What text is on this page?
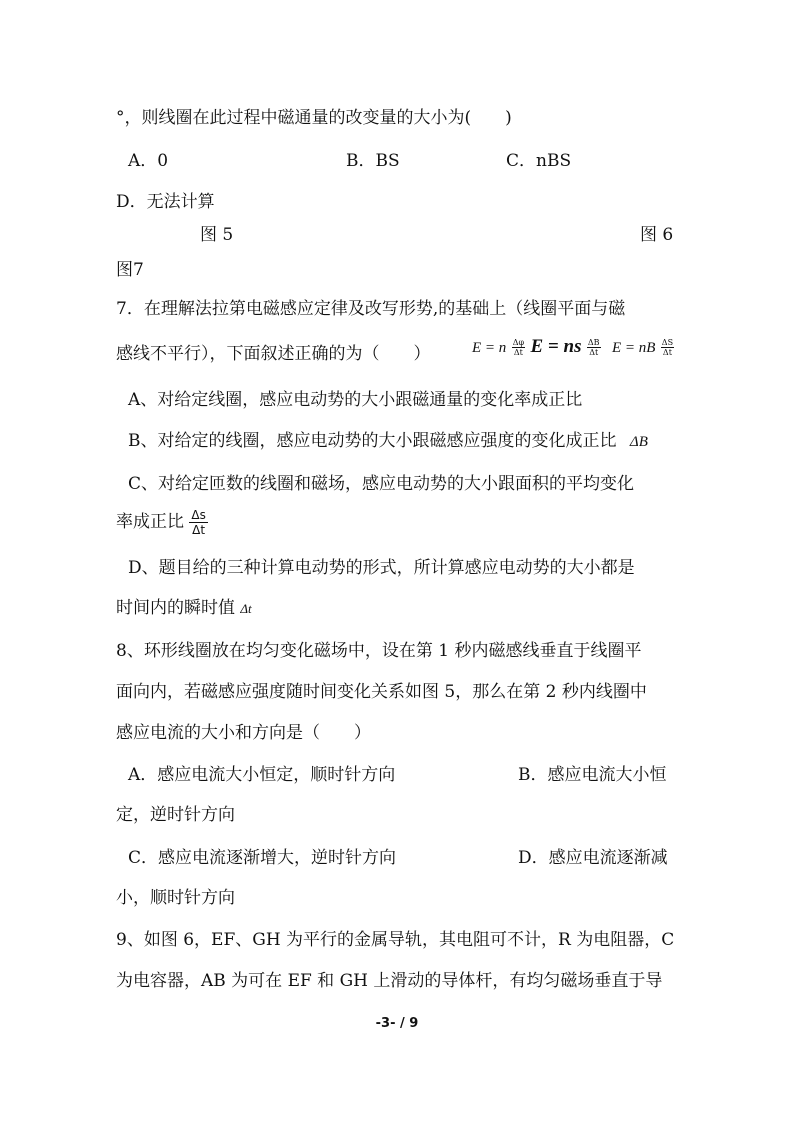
°，则线圈在此过程中磁通量的改变量的大小为(　　)
A．0	B．BS	C．nBS
D．无法计算
图 5	图 6
图7
7．在理解法拉第电磁感应定律及改写形势,的基础上（线圈平面与磁
感线不平行），下面叙述正确的为（　　）	E = n $\frac{\Delta\varphi}{\Delta t}$ E = ns $\frac{\Delta B}{\Delta t}$ E = nB $\frac{\Delta S}{\Delta t}$
A、对给定线圈，感应电动势的大小跟磁通量的变化率成正比
B、对给定的线圈，感应电动势的大小跟磁感应强度的变化成正比 ΔB
C、对给定匝数的线圈和磁场，感应电动势的大小跟面积的平均变化
率成正比 $\frac{\Delta s}{\Delta t}$
D、题目给的三种计算电动势的形式，所计算感应电动势的大小都是
时间内的瞬时值 Δt
8、环形线圈放在均匀变化磁场中，设在第 1 秒内磁感线垂直于线圈平
面向内，若磁感应强度随时间变化关系如图 5，那么在第 2 秒内线圈中
感应电流的大小和方向是（　　）
A．感应电流大小恒定，顺时针方向	B．感应电流大小恒
定，逆时针方向
C．感应电流逐渐增大，逆时针方向	D．感应电流逐渐减
小，顺时针方向
9、如图 6，EF、GH 为平行的金属导轨，其电阻可不计，R 为电阻器，C
为电容器，AB 为可在 EF 和 GH 上滑动的导体杆，有均匀磁场垂直于导
-3- / 9
